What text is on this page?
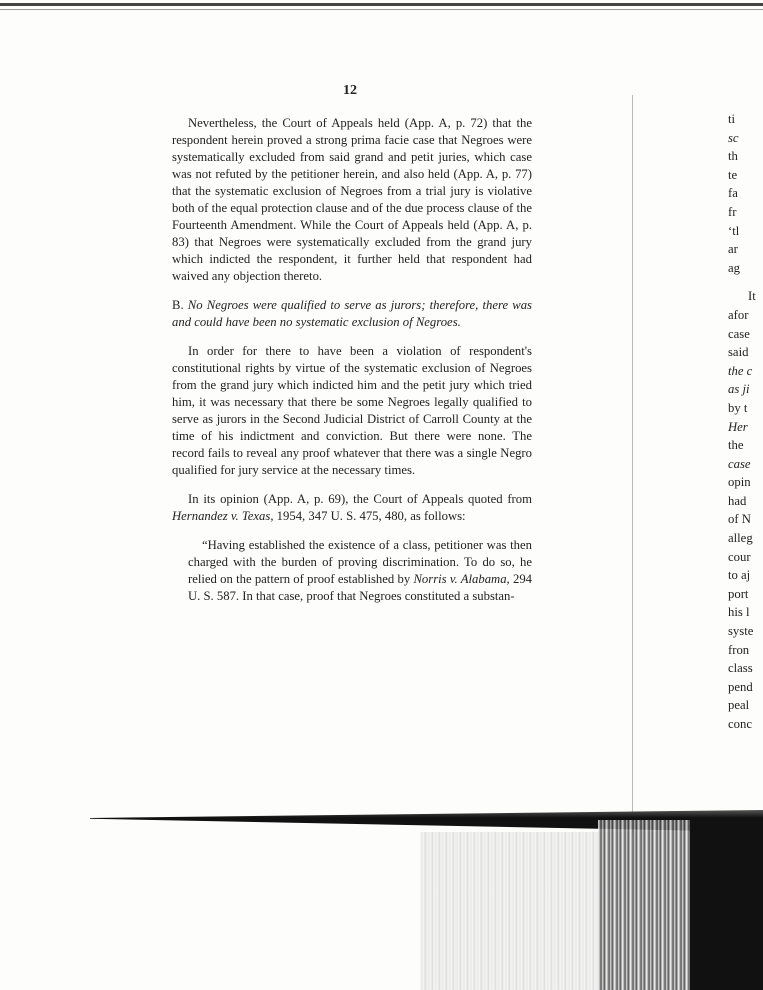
12

Nevertheless, the Court of Appeals held (App. A, p. 72) that the respondent herein proved a strong prima facie case that Negroes were systematically excluded from said grand and petit juries, which case was not refuted by the petitioner herein, and also held (App. A, p. 77) that the systematic exclusion of Negroes from a trial jury is violative both of the equal protection clause and of the due process clause of the Fourteenth Amendment. While the Court of Appeals held (App. A, p. 83) that Negroes were systematically excluded from the grand jury which indicted the respondent, it further held that respondent had waived any objection thereto.

B. No Negroes were qualified to serve as jurors; therefore, there was and could have been no systematic exclusion of Negroes.

In order for there to have been a violation of respondent's constitutional rights by virtue of the systematic exclusion of Negroes from the grand jury which indicted him and the petit jury which tried him, it was necessary that there be some Negroes legally qualified to serve as jurors in the Second Judicial District of Carroll County at the time of his indictment and conviction. But there were none. The record fails to reveal any proof whatever that there was a single Negro qualified for jury service at the necessary times.

In its opinion (App. A, p. 69), the Court of Appeals quoted from Hernandez v. Texas, 1954, 347 U. S. 475, 480, as follows:

“Having established the existence of a class, petitioner was then charged with the burden of proving discrimination. To do so, he relied on the pattern of proof established by Norris v. Alabama, 294 U. S. 587. In that case, proof that Negroes constituted a substan-

ti
sc
th
te
fa
fr
‘tl
ar
ag
It
afor
case
said
the c
as ji
by t
Her
the
case
opin
had
of N
alleg
cour
to aj
port
his l
syste
fron
class
pend
peal
conc
